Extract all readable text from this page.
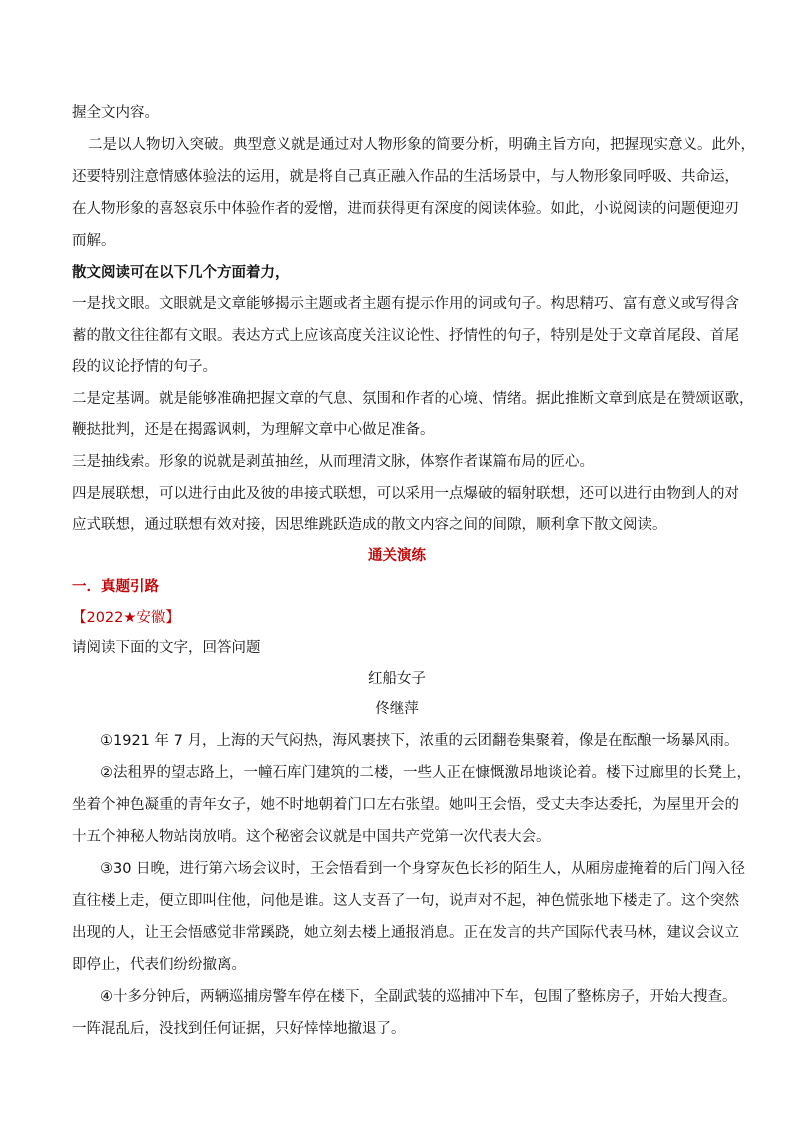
握全文内容。
二是以人物切入突破。典型意义就是通过对人物形象的简要分析，明确主旨方向，把握现实意义。此外，
还要特别注意情感体验法的运用，就是将自己真正融入作品的生活场景中，与人物形象同呼吸、共命运，
在人物形象的喜怒哀乐中体验作者的爱憎，进而获得更有深度的阅读体验。如此，小说阅读的问题便迎刃
而解。
散文阅读可在以下几个方面着力，
一是找文眼。文眼就是文章能够揭示主题或者主题有提示作用的词或句子。构思精巧、富有意义或写得含
蓄的散文往往都有文眼。表达方式上应该高度关注议论性、抒情性的句子，特别是处于文章首尾段、首尾
段的议论抒情的句子。
二是定基调。就是能够准确把握文章的气息、氛围和作者的心境、情绪。据此推断文章到底是在赞颂讴歌，
鞭挞批判，还是在揭露讽刺，为理解文章中心做足准备。
三是抽线索。形象的说就是剥茧抽丝，从而理清文脉，体察作者谋篇布局的匠心。
四是展联想，可以进行由此及彼的串接式联想，可以采用一点爆破的辐射联想，还可以进行由物到人的对
应式联想，通过联想有效对接，因思维跳跃造成的散文内容之间的间隙，顺利拿下散文阅读。
通关演练
一．真题引路
【2022★安徽】
请阅读下面的文字，回答问题
红船女子
佟继萍
①1921 年 7 月，上海的天气闷热，海风裹挟下，浓重的云团翻卷集聚着，像是在酝酿一场暴风雨。
②法租界的望志路上，一幢石库门建筑的二楼，一些人正在慷慨激昂地谈论着。楼下过廊里的长凳上，
坐着个神色凝重的青年女子，她不时地朝着门口左右张望。她叫王会悟，受丈夫李达委托，为屋里开会的
十五个神秘人物站岗放哨。这个秘密会议就是中国共产党第一次代表大会。
③30 日晚，进行第六场会议时，王会悟看到一个身穿灰色长衫的陌生人，从厢房虚掩着的后门闯入径
直往楼上走，便立即叫住他，问他是谁。这人支吾了一句，说声对不起，神色慌张地下楼走了。这个突然
出现的人，让王会悟感觉非常蹊跷，她立刻去楼上通报消息。正在发言的共产国际代表马林，建议会议立
即停止，代表们纷纷撤离。
④十多分钟后，两辆巡捕房警车停在楼下，全副武装的巡捕冲下车，包围了整栋房子，开始大搜查。
一阵混乱后，没找到任何证据，只好悻悻地撤退了。
